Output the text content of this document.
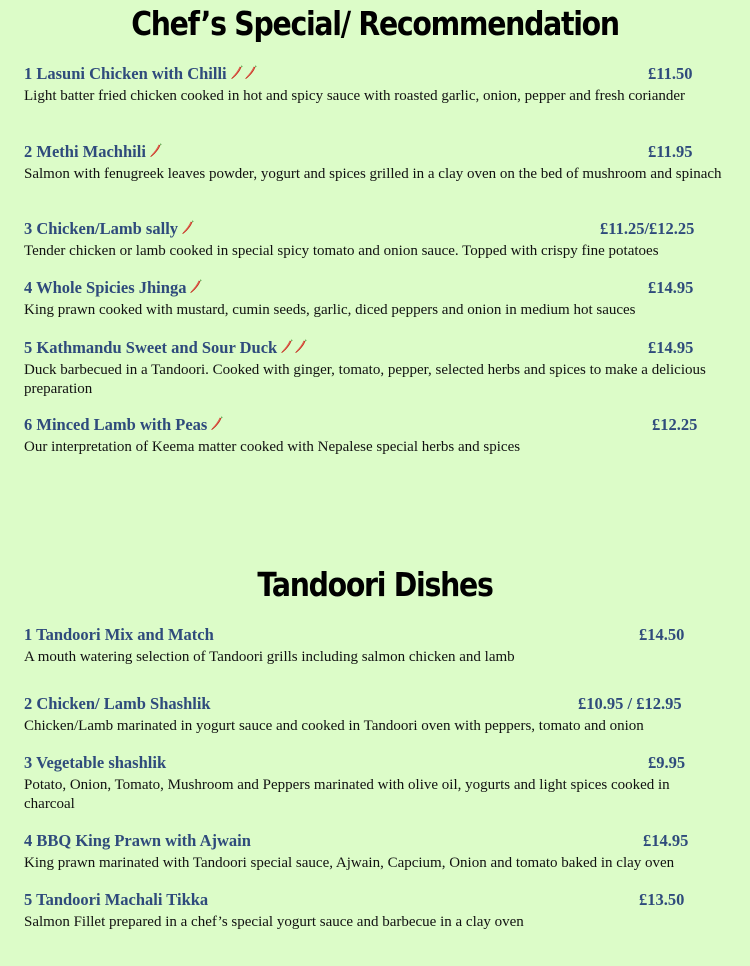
Chef’s Special/ Recommendation
1 Lasuni Chicken with Chilli	£11.50
Light batter fried chicken cooked in hot and spicy sauce with roasted garlic, onion, pepper and fresh coriander
2 Methi Machhili	£11.95
Salmon with fenugreek leaves powder, yogurt and spices grilled in a clay oven on the bed of mushroom and spinach
3 Chicken/Lamb sally	£11.25/£12.25
Tender chicken or lamb cooked in special spicy tomato and onion sauce. Topped with crispy fine potatoes
4 Whole Spicies Jhinga	£14.95
King prawn cooked with mustard, cumin seeds, garlic, diced peppers and onion in medium hot sauces
5 Kathmandu Sweet and Sour Duck	£14.95
Duck barbecued in a Tandoori. Cooked with ginger, tomato, pepper, selected herbs and spices to make a delicious preparation
6 Minced Lamb with Peas	£12.25
Our interpretation of Keema matter cooked with Nepalese special herbs and spices
Tandoori Dishes
1 Tandoori Mix and Match	£14.50
A mouth watering selection of Tandoori grills including salmon chicken and lamb
2 Chicken/ Lamb Shashlik	£10.95 / £12.95
Chicken/Lamb marinated in yogurt sauce and cooked in Tandoori oven with peppers, tomato and onion
3 Vegetable shashlik	£9.95
Potato, Onion, Tomato, Mushroom and Peppers marinated with olive oil, yogurts and light spices cooked in charcoal
4 BBQ King Prawn with Ajwain	£14.95
King prawn marinated with Tandoori special sauce, Ajwain, Capcium, Onion and tomato baked in clay oven
5 Tandoori Machali Tikka	£13.50
Salmon Fillet prepared in a chef’s special yogurt sauce and barbecue in a clay oven
